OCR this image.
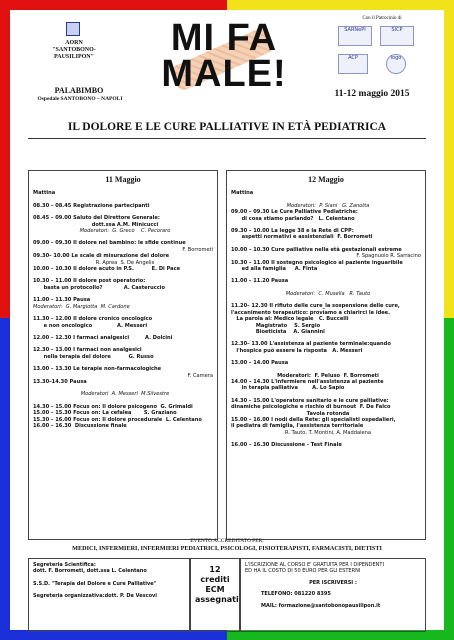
AORN
"SANTOBONO-PAUSILIPON"
PALABIMBO
Ospedale SANTOBONO – NAPOLI
MI FA
MALE!
Con il Patrocinio di
SARNePI	SICP
ACP	logo
11-12 maggio 2015
IL DOLORE E LE CURE PALLIATIVE IN ETÀ PEDIATRICA
11 Maggio
Mattina
08.30 – 08.45 Registrazione partecipanti
08.45 – 09.00 Saluto del Direttore Generale:
dott.ssa A.M. Minicucci
Moderatori:  G. Greco    C. Pecoraro
09.00 – 09.30 Il dolore nel bambino: le sfide continue
F. Borrometi
09.30– 10.00 Le scale di misurazione del dolore
R. Aprea  S. De Angelis
10.00 – 10.30 Il dolore acuto in P.S.          E. Di Pace
10.30 – 11.00 Il dolore post operatorio:
basta un protocollo?            A. Casteruccio
11.00 – 11.30 Pausa
Moderatori:  G. Margiotta  M. Cardone
11.30 – 12.00 Il dolore cronico oncologico
e non oncologico              A. Messeri
12.00 – 12.30 I farmaci analgesici         A. Dolcini
12.30 – 13.00 I farmaci non analgesici
nella terapia del dolore          G. Russo
13.00 – 13.30 Le terapie non-farmacologiche
F. Camera
13.30–14.30 Pausa
Moderatori  A. Messeri  M.Silvestre
14.30 – 15.00 Focus on: Il dolore psicogeno  G. Grimaldi
15.00 – 15.30 Focus on: La cefalea       S. Graziano
15.30 – 16.00 Focus on: Il dolore procedurale  L. Celentano
16.00 – 16.30  Discussione finale
12 Maggio
Mattina
Moderatori:  P. Siani   G. Zanotta
09.00 – 09.30 Le Cure Palliative Pediatriche:
di cosa stiamo parlando?   L. Celentano
09.30 – 10.00 La legge 38 e la Rete di CPP:
aspetti normativi e assistenziali  F. Borrometi
10.00 – 10.30 Cure palliative nella età gestazionali estreme
F. Spagnuolo R. Sarracino
10.30 – 11.00 Il sostegno psicologico al paziente inguaribile
ed alla famiglia     A. Finta
11.00 – 11.20 Pausa
Moderatori:  C. Musella   R. Tauto
11.20– 12.30 Il rifiuto delle cure_la sospensione delle cure,
l'accanimento terapeutico: proviamo a chiarirci le idee.
La parola al: Medico legale   C. Buccelli
Magistrato    S. Sergio
Bioeticista    A. Giannini
12.30– 13.00 L'assistenza al paziente terminale:quando
l'hospice può essere la risposta   A. Messeri
13.00 – 14.00 Pausa
Moderatori:  F. Peluso  F. Borrometi
14.00 – 14.30 L'infermiere nell'assistenza al paziente
in terapia palliativa        A. Lo Sapio
14.30 – 15.00 L'operatore sanitario e le cure palliative:
dinamiche psicologiche e rischio di burnout  F. De Falco
Tavola rotonda
15.00 – 16.00 I nodi della Rete: gli specialisti ospedalieri,
il pediatra di famiglia, l'assistenza territoriale
R. Tauto, T. Montini, A. Maddalena
16.00 – 16.30 Discussione - Test Finale
EVENTO ACCREDITATO PER:
MEDICI, INFERMIERI, INFERMIERI PEDIATRICI, PSICOLOGI, FISIOTERAPISTI, FARMACISTI, DIETISTI
Segreteria Scientifica:
dott. F. Borrometi, dott.ssa L. Celentano
S.S.D. "Terapia del Dolore e Cure Palliative"
Segreteria organizzativa:dott. P. De Vescovi
12
crediti
ECM
assegnati
L'ISCRIZIONE AL CORSO E' GRATUITA PER I DIPENDENTI
ED HA IL COSTO DI 50 EURO PER GLI ESTERNI
PER ISCRIVERSI :
TELEFONO: 081220 8395
MAIL: formazione@santobonopausilipon.it
